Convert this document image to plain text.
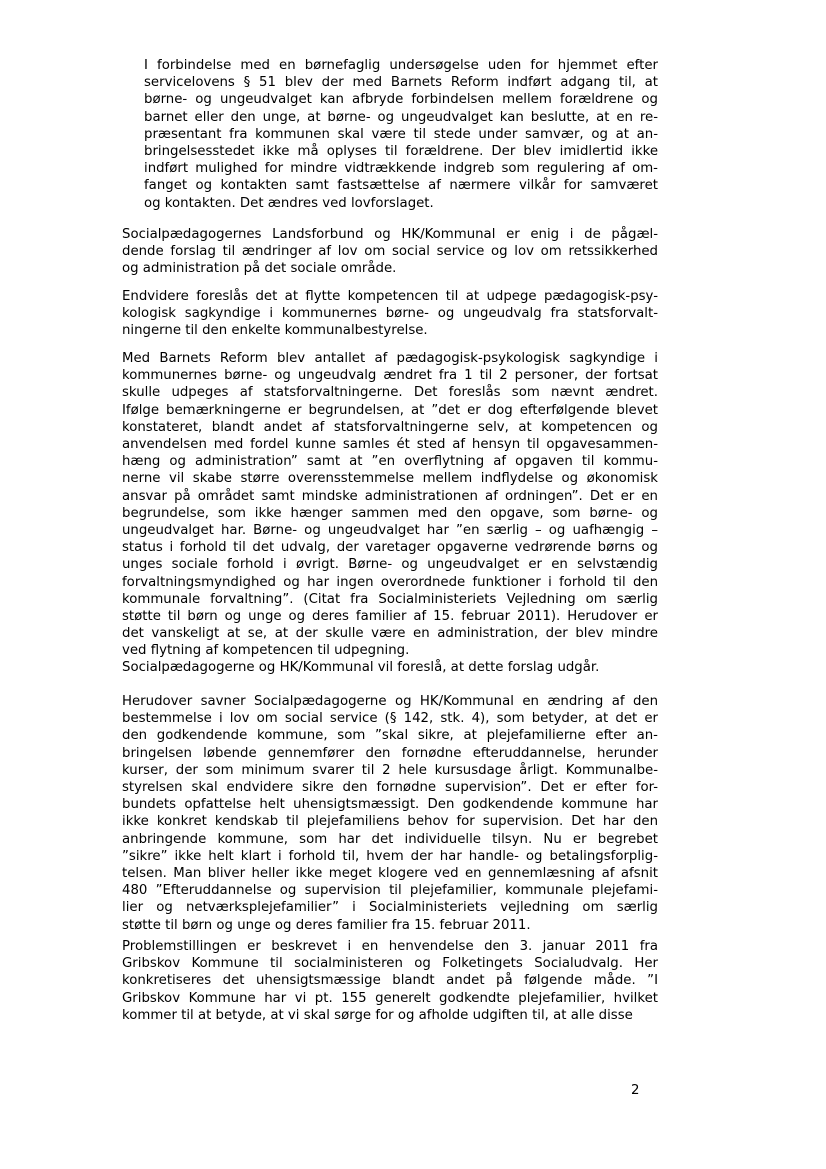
I forbindelse med en børnefaglig undersøgelse uden for hjemmet efter
servicelovens § 51 blev der med Barnets Reform indført adgang til, at
børne- og ungeudvalget kan afbryde forbindelsen mellem forældrene og
barnet eller den unge, at børne- og ungeudvalget kan beslutte, at en re-
præsentant fra kommunen skal være til stede under samvær, og at an-
bringelsesstedet ikke må oplyses til forældrene. Der blev imidlertid ikke
indført mulighed for mindre vidtrækkende indgreb som regulering af om-
fanget og kontakten samt fastsættelse af nærmere vilkår for samværet
og kontakten. Det ændres ved lovforslaget.
Socialpædagogernes Landsforbund og HK/Kommunal er enig i de pågæl-
dende forslag til ændringer af lov om social service og lov om retssikkerhed
og administration på det sociale område.
Endvidere foreslås det at flytte kompetencen til at udpege pædagogisk-psy-
kologisk sagkyndige i kommunernes børne- og ungeudvalg fra statsforvalt-
ningerne til den enkelte kommunalbestyrelse.
Med Barnets Reform blev antallet af pædagogisk-psykologisk sagkyndige i
kommunernes børne- og ungeudvalg ændret fra 1 til 2 personer, der fortsat
skulle udpeges af statsforvaltningerne. Det foreslås som nævnt ændret.
Ifølge bemærkningerne er begrundelsen, at ”det er dog efterfølgende blevet
konstateret, blandt andet af statsforvaltningerne selv, at kompetencen og
anvendelsen med fordel kunne samles ét sted af hensyn til opgavesammen-
hæng og administration” samt at ”en overflytning af opgaven til kommu-
nerne vil skabe større overensstemmelse mellem indflydelse og økonomisk
ansvar på området samt mindske administrationen af ordningen”. Det er en
begrundelse, som ikke hænger sammen med den opgave, som børne- og
ungeudvalget har. Børne- og ungeudvalget har ”en særlig – og uafhængig –
status i forhold til det udvalg, der varetager opgaverne vedrørende børns og
unges sociale forhold i øvrigt. Børne- og ungeudvalget er en selvstændig
forvaltningsmyndighed og har ingen overordnede funktioner i forhold til den
kommunale forvaltning”. (Citat fra Socialministeriets Vejledning om særlig
støtte til børn og unge og deres familier af 15. februar 2011). Herudover er
det vanskeligt at se, at der skulle være en administration, der blev mindre
ved flytning af kompetencen til udpegning.
Socialpædagogerne og HK/Kommunal vil foreslå, at dette forslag udgår.
Herudover savner Socialpædagogerne og HK/Kommunal en ændring af den
bestemmelse i lov om social service (§ 142, stk. 4), som betyder, at det er
den godkendende kommune, som ”skal sikre, at plejefamilierne efter an-
bringelsen løbende gennemfører den fornødne efteruddannelse, herunder
kurser, der som minimum svarer til 2 hele kursusdage årligt. Kommunalbe-
styrelsen skal endvidere sikre den fornødne supervision”. Det er efter for-
bundets opfattelse helt uhensigtsmæssigt. Den godkendende kommune har
ikke konkret kendskab til plejefamiliens behov for supervision. Det har den
anbringende kommune, som har det individuelle tilsyn. Nu er begrebet
”sikre” ikke helt klart i forhold til, hvem der har handle- og betalingsforplig-
telsen. Man bliver heller ikke meget klogere ved en gennemlæsning af afsnit
480 ”Efteruddannelse og supervision til plejefamilier, kommunale plejefami-
lier og netværksplejefamilier” i Socialministeriets vejledning om særlig
støtte til børn og unge og deres familier fra 15. februar 2011.
Problemstillingen er beskrevet i en henvendelse den 3. januar 2011 fra
Gribskov Kommune til socialministeren og Folketingets Socialudvalg. Her
konkretiseres det uhensigtsmæssige blandt andet på følgende måde. ”I
Gribskov Kommune har vi pt. 155 generelt godkendte plejefamilier, hvilket
kommer til at betyde, at vi skal sørge for og afholde udgiften til, at alle disse
2
